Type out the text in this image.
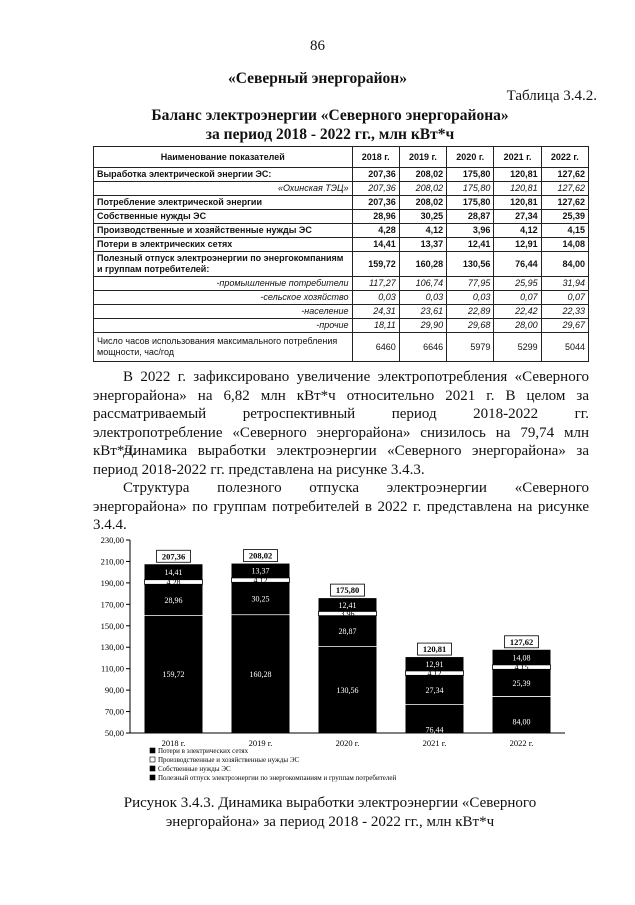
86
«Северный энергорайон»
Таблица 3.4.2.
Баланс электроэнергии «Северного энергорайона»
за период 2018 - 2022 гг., млн кВт*ч
Наименование показателей	2018 г.	2019 г.	2020 г.	2021 г.	2022 г.
Выработка электрической энергии ЭС:	207,36	208,02	175,80	120,81	127,62
«Охинская ТЭЦ»	207,36	208,02	175,80	120,81	127,62
Потребление электрической энергии	207,36	208,02	175,80	120,81	127,62
Собственные нужды ЭС	28,96	30,25	28,87	27,34	25,39
Производственные и хозяйственные нужды ЭС	4,28	4,12	3,96	4,12	4,15
Потери в электрических сетях	14,41	13,37	12,41	12,91	14,08
Полезный отпуск электроэнергии по энергокомпаниям и группам потребителей:	159,72	160,28	130,56	76,44	84,00
-промышленные потребители	117,27	106,74	77,95	25,95	31,94
-сельское хозяйство	0,03	0,03	0,03	0,07	0,07
-население	24,31	23,61	22,89	22,42	22,33
-прочие	18,11	29,90	29,68	28,00	29,67
Число часов использования максимального потребления мощности, час/год	6460	6646	5979	5299	5044
В 2022 г. зафиксировано увеличение электропотребления «Северного энергорайона» на 6,82 млн кВт*ч относительно 2021 г. В целом за рассматриваемый ретроспективный период 2018-2022 гг. электропотребление «Северного энергорайона» снизилось на 79,74 млн кВт*ч.
Динамика выработки электроэнергии «Северного энергорайона» за период 2018-2022 гг. представлена на рисунке 3.4.3.
Структура полезного отпуска электроэнергии «Северного энергорайона» по группам потребителей в 2022 г. представлена на рисунке 3.4.4.
50,00
70,00
90,00
110,00
130,00
150,00
170,00
190,00
210,00
230,00
159,72
28,96
4,28
14,41
207,36
2018 г.
160,28
30,25
4,12
13,37
208,02
2019 г.
130,56
28,87
3,96
12,41
175,80
2020 г.
76,44
27,34
4,12
12,91
120,81
2021 г.
84,00
25,39
4,15
14,08
127,62
2022 г.
Потери в электрических сетях
Производственные и хозяйственные нужды ЭС
Собственные нужды ЭС
Полезный отпуск электроэнергии по энергокомпаниям и группам потребителей
Рисунок 3.4.3. Динамика выработки электроэнергии «Северного
энергорайона» за период 2018 - 2022 гг., млн кВт*ч
